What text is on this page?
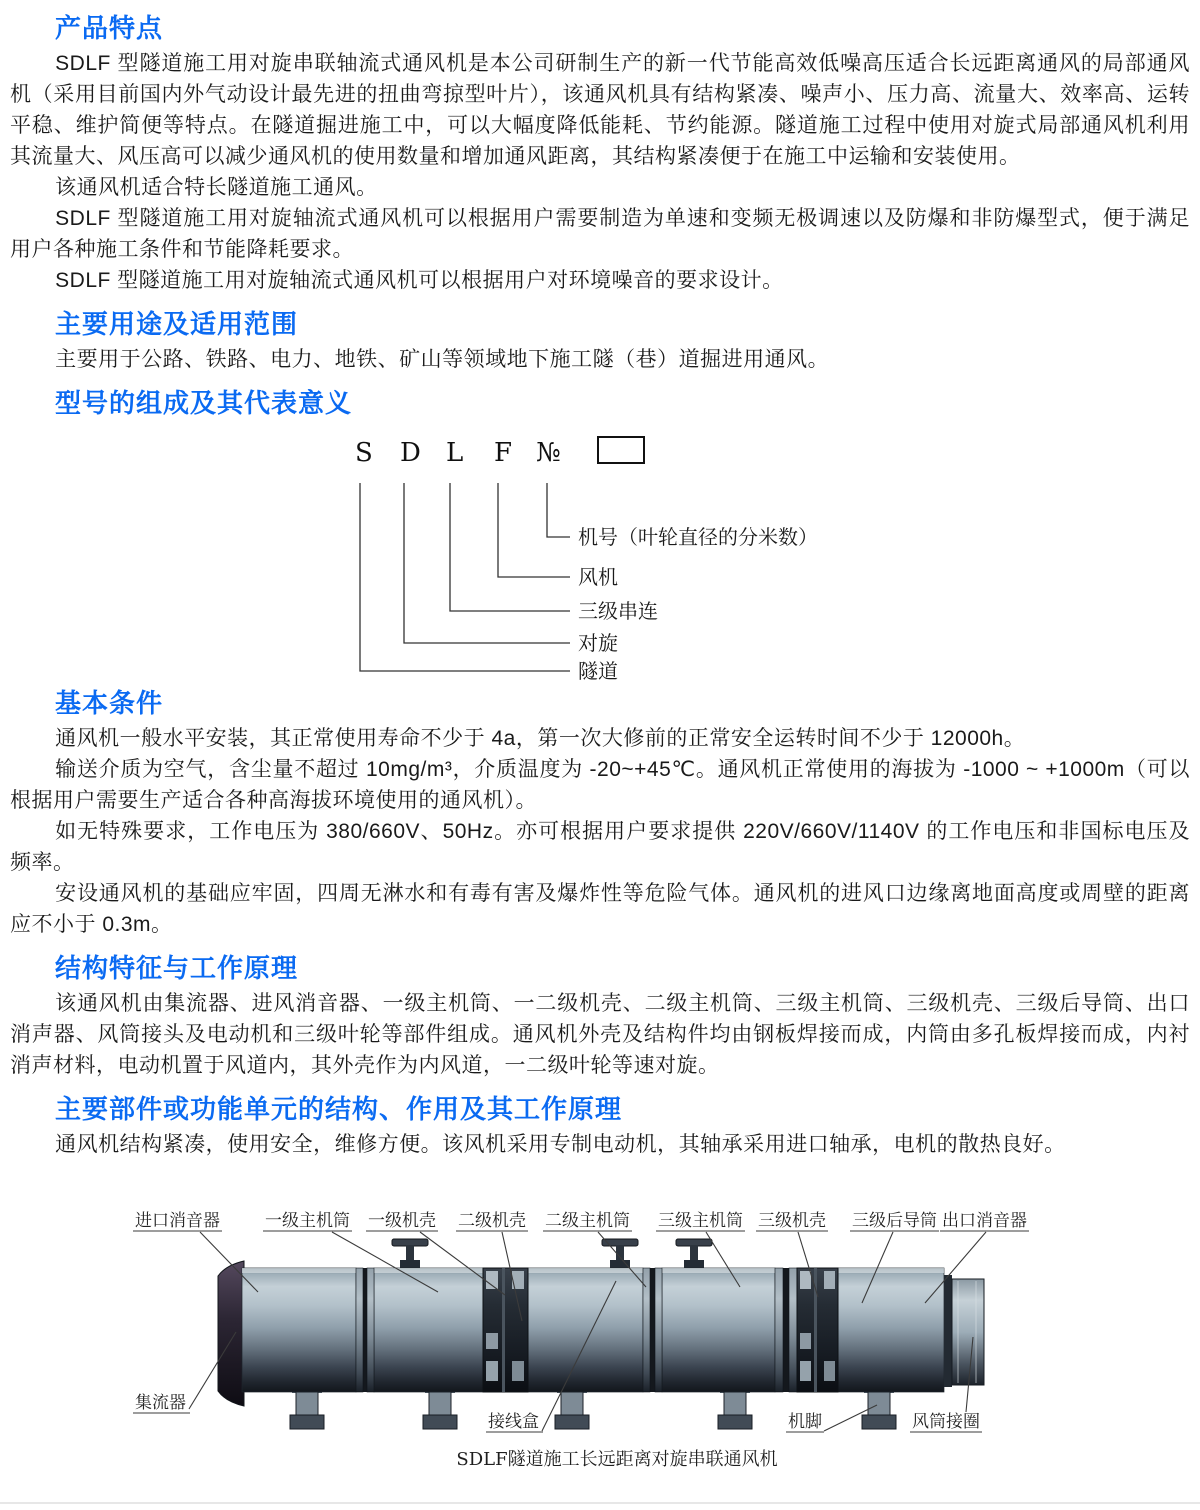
产品特点

SDLF 型隧道施工用对旋串联轴流式通风机是本公司研制生产的新一代节能高效低噪高压适合长远距离通风的局部通风机（采用目前国内外气动设计最先进的扭曲弯掠型叶片），该通风机具有结构紧凑、噪声小、压力高、流量大、效率高、运转平稳、维护简便等特点。在隧道掘进施工中，可以大幅度降低能耗、节约能源。隧道施工过程中使用对旋式局部通风机利用其流量大、风压高可以减少通风机的使用数量和增加通风距离，其结构紧凑便于在施工中运输和安装使用。

该通风机适合特长隧道施工通风。

SDLF 型隧道施工用对旋轴流式通风机可以根据用户需要制造为单速和变频无极调速以及防爆和非防爆型式，便于满足用户各种施工条件和节能降耗要求。

SDLF 型隧道施工用对旋轴流式通风机可以根据用户对环境噪音的要求设计。

主要用途及适用范围

主要用于公路、铁路、电力、地铁、矿山等领域地下施工隧（巷）道掘进用通风。

型号的组成及其代表意义
S D L F №
机号（叶轮直径的分米数）
风机
三级串连
对旋
隧道
基本条件

通风机一般水平安装，其正常使用寿命不少于 4a，第一次大修前的正常安全运转时间不少于 12000h。

输送介质为空气，含尘量不超过 10mg/m³，介质温度为 -20~+45℃。通风机正常使用的海拔为 -1000 ~ +1000m（可以根据用户需要生产适合各种高海拔环境使用的通风机）。

如无特殊要求，工作电压为 380/660V、50Hz。亦可根据用户要求提供 220V/660V/1140V 的工作电压和非国标电压及频率。

安设通风机的基础应牢固，四周无淋水和有毒有害及爆炸性等危险气体。通风机的进风口边缘离地面高度或周壁的距离应不小于 0.3m。

结构特征与工作原理

该通风机由集流器、进风消音器、一级主机筒、一二级机壳、二级主机筒、三级主机筒、三级机壳、三级后导筒、出口消声器、风筒接头及电动机和三级叶轮等部件组成。通风机外壳及结构件均由钢板焊接而成，内筒由多孔板焊接而成，内衬消声材料，电动机置于风道内，其外壳作为内风道，一二级叶轮等速对旋。

主要部件或功能单元的结构、作用及其工作原理

通风机结构紧凑，使用安全，维修方便。该风机采用专制电动机，其轴承采用进口轴承，电机的散热良好。

进口消音器	一级主机筒 一级机壳 二级机壳 二级主机筒 三级主机筒 三级机壳 三级后导筒 出口消音器
集流器
接线盒	机脚	风筒接圈
SDLF隧道施工长远距离对旋串联通风机
